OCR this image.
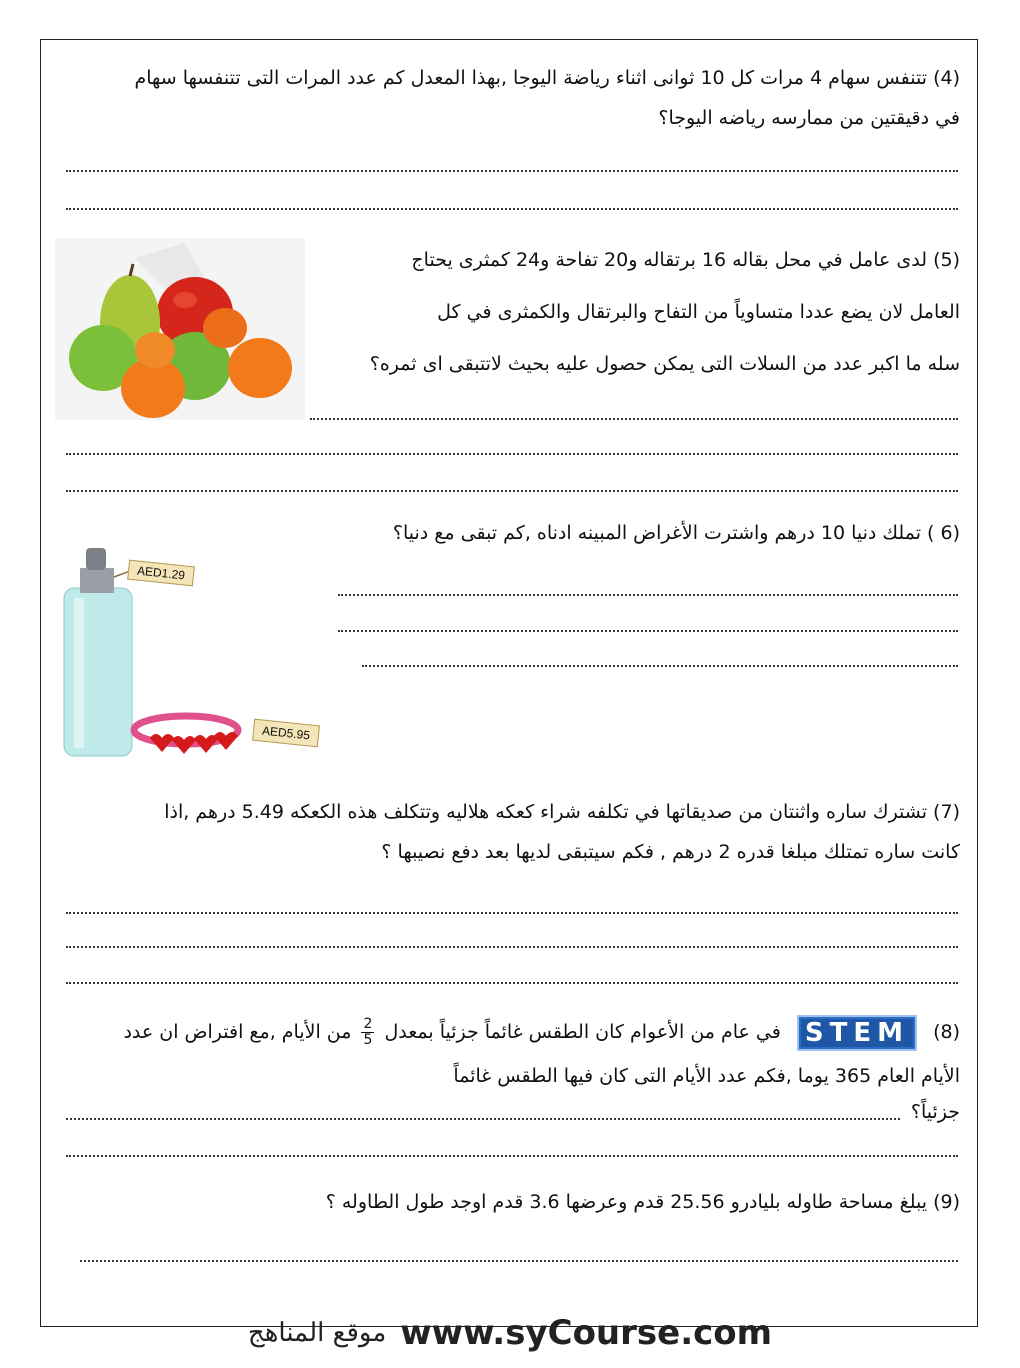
(4) تتنفس سهام 4 مرات كل 10 ثوانى اثناء رياضة اليوجا ,بهذا المعدل كم عدد المرات التى تتنفسها سهام
في دقيقتين من ممارسه رياضه اليوجا؟
(5) لدى عامل في محل بقاله 16 برتقاله و20 تفاحة و24 كمثرى يحتاج
العامل لان يضع عددا متساوياً من التفاح والبرتقال والكمثرى في كل
سله ما اكبر عدد من السلات التى يمكن حصول عليه بحيث لاتتبقى اى ثمره؟
(6 ) تملك دنيا 10 درهم واشترت الأغراض المبينه ادناه ,كم تبقى مع دنيا؟
AED1.29
AED5.95
(7) تشترك ساره واثنتان من صديقاتها في تكلفه شراء كعكه هلاليه وتتكلف هذه الكعكه 5.49 درهم ,اذا
كانت ساره تمتلك مبلغا قدره 2 درهم , فكم سيتبقى لديها بعد دفع نصيبها ؟
(8) STEM في عام من الأعوام كان الطقس غائماً جزئياً بمعدل
$\frac{2}{5}$
من الأيام ,مع افتراض ان عدد
الأيام العام 365 يوما ,فكم عدد الأيام التى كان فيها الطقس غائماً
جزئياً؟
(9) يبلغ مساحة طاوله بليادرو 25.56 قدم وعرضها 3.6 قدم اوجد طول الطاوله ؟
موقع المناهج www.syCourse.com
